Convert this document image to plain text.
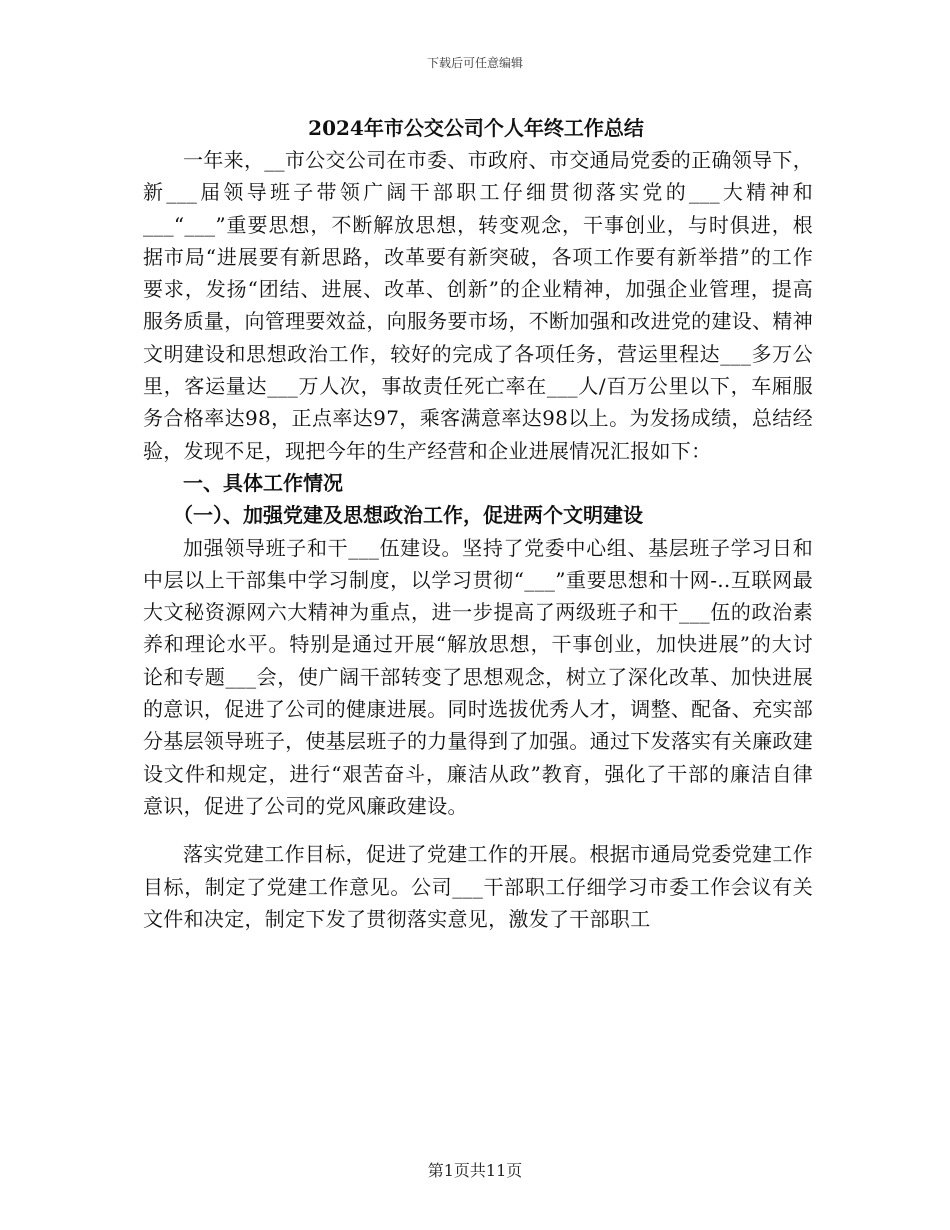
下载后可任意编辑

2024年市公交公司个人年终工作总结

一年来，__市公交公司在市委、市政府、市交通局党委的正确领导下，新___届领导班子带领广阔干部职工仔细贯彻落实党的___大精神和___“___”重要思想，不断解放思想，转变观念，干事创业，与时俱进，根据市局“进展要有新思路，改革要有新突破，各项工作要有新举措”的工作要求，发扬“团结、进展、改革、创新”的企业精神，加强企业管理，提高服务质量，向管理要效益，向服务要市场，不断加强和改进党的建设、精神文明建设和思想政治工作，较好的完成了各项任务，营运里程达___多万公里，客运量达___万人次，事故责任死亡率在___人/百万公里以下，车厢服务合格率达98，正点率达97，乘客满意率达98以上。为发扬成绩，总结经验，发现不足，现把今年的生产经营和企业进展情况汇报如下：

一、具体工作情况

（一）、加强党建及思想政治工作，促进两个文明建设

加强领导班子和干___伍建设。坚持了党委中心组、基层班子学习日和中层以上干部集中学习制度，以学习贯彻“___”重要思想和十网-..互联网最大文秘资源网六大精神为重点，进一步提高了两级班子和干___伍的政治素养和理论水平。特别是通过开展“解放思想，干事创业，加快进展”的大讨论和专题___会，使广阔干部转变了思想观念，树立了深化改革、加快进展的意识，促进了公司的健康进展。同时选拔优秀人才，调整、配备、充实部分基层领导班子，使基层班子的力量得到了加强。通过下发落实有关廉政建设文件和规定，进行“艰苦奋斗，廉洁从政”教育，强化了干部的廉洁自律意识，促进了公司的党风廉政建设。

落实党建工作目标，促进了党建工作的开展。根据市通局党委党建工作目标，制定了党建工作意见。公司___干部职工仔细学习市委工作会议有关文件和决定，制定下发了贯彻落实意见，激发了干部职工

第1页共11页
